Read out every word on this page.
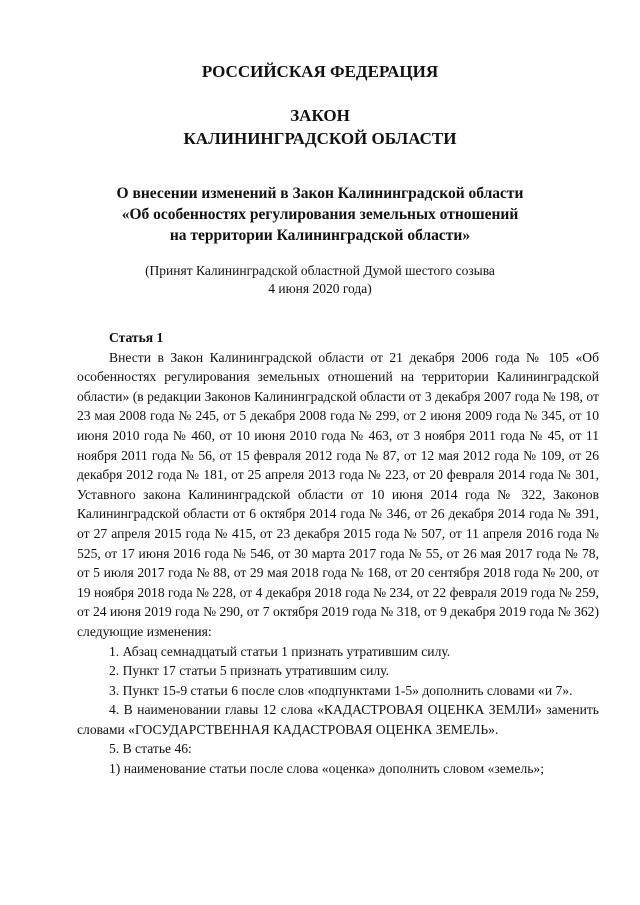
РОССИЙСКАЯ ФЕДЕРАЦИЯ
ЗАКОН
КАЛИНИНГРАДСКОЙ ОБЛАСТИ
О внесении изменений в Закон Калининградской области
«Об особенностях регулирования земельных отношений
на территории Калининградской области»
(Принят Калининградской областной Думой шестого созыва
4 июня 2020 года)

Статья 1

Внести в Закон Калининградской области от 21 декабря 2006 года № 105 «Об особенностях регулирования земельных отношений на территории Калининградской области» (в редакции Законов Калининградской области от 3 декабря 2007 года № 198, от 23 мая 2008 года № 245, от 5 декабря 2008 года № 299, от 2 июня 2009 года № 345, от 10 июня 2010 года № 460, от 10 июня 2010 года № 463, от 3 ноября 2011 года № 45, от 11 ноября 2011 года № 56, от 15 февраля 2012 года № 87, от 12 мая 2012 года № 109, от 26 декабря 2012 года № 181, от 25 апреля 2013 года № 223, от 20 февраля 2014 года № 301, Уставного закона Калининградской области от 10 июня 2014 года № 322, Законов Калининградской области от 6 октября 2014 года № 346, от 26 декабря 2014 года № 391, от 27 апреля 2015 года № 415, от 23 декабря 2015 года № 507, от 11 апреля 2016 года № 525, от 17 июня 2016 года № 546, от 30 марта 2017 года № 55, от 26 мая 2017 года № 78, от 5 июля 2017 года № 88, от 29 мая 2018 года № 168, от 20 сентября 2018 года № 200, от 19 ноября 2018 года № 228, от 4 декабря 2018 года № 234, от 22 февраля 2019 года № 259, от 24 июня 2019 года № 290, от 7 октября 2019 года № 318, от 9 декабря 2019 года № 362) следующие изменения:

1. Абзац семнадцатый статьи 1 признать утратившим силу.

2. Пункт 17 статьи 5 признать утратившим силу.

3. Пункт 15-9 статьи 6 после слов «подпунктами 1-5» дополнить словами «и 7».

4. В наименовании главы 12 слова «КАДАСТРОВАЯ ОЦЕНКА ЗЕМЛИ» заменить словами «ГОСУДАРСТВЕННАЯ КАДАСТРОВАЯ ОЦЕНКА ЗЕМЕЛЬ».

5. В статье 46:

1) наименование статьи после слова «оценка» дополнить словом «земель»;
